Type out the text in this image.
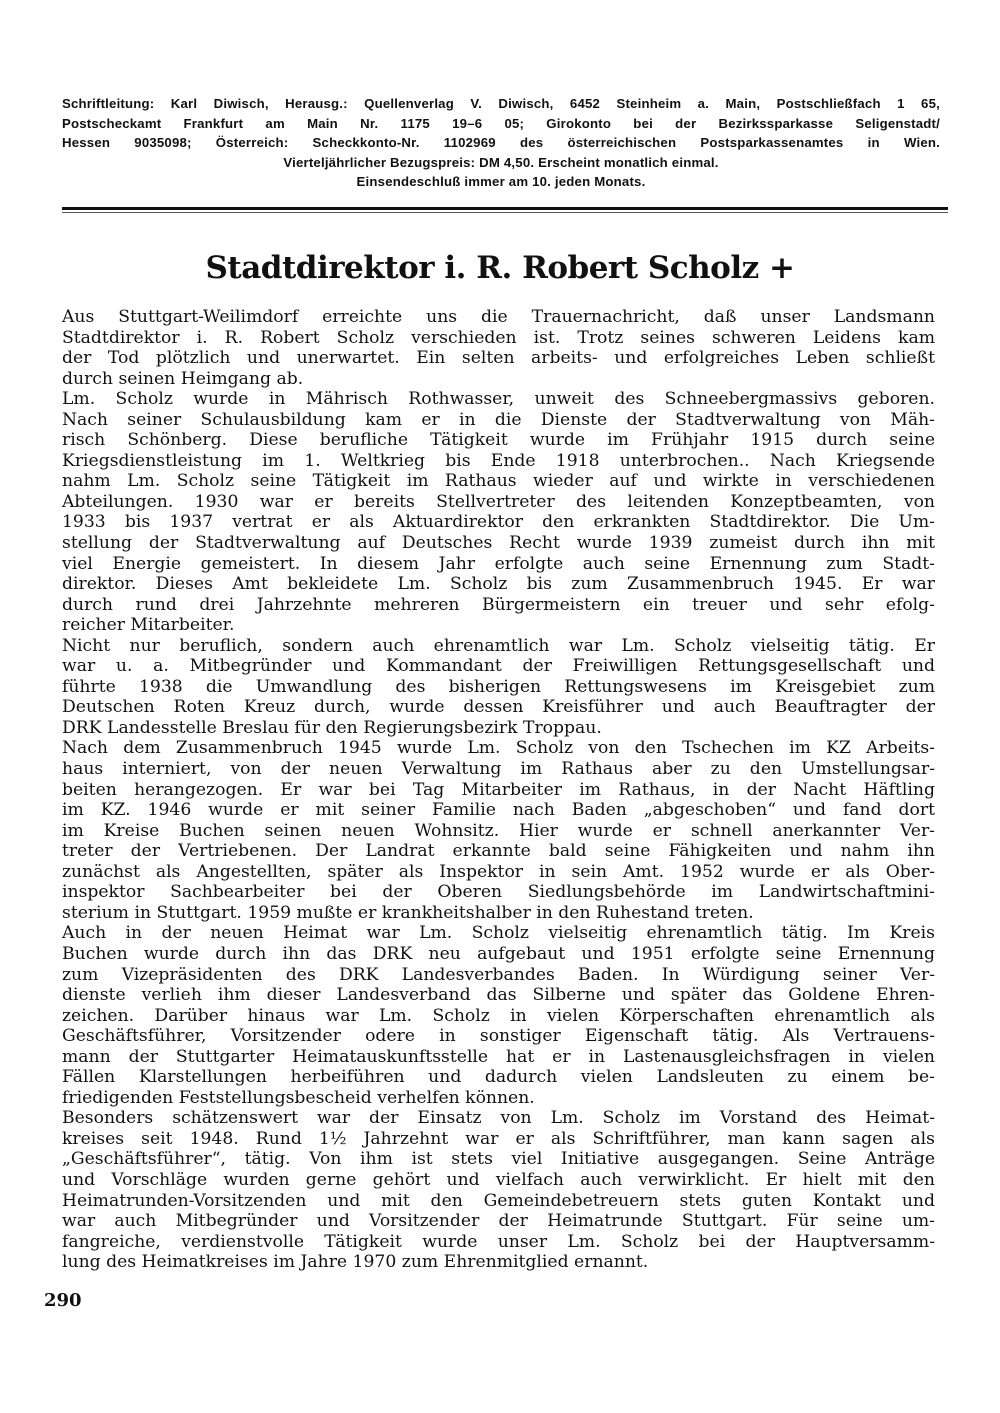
Schriftleitung: Karl Diwisch, Herausg.: Quellenverlag V. Diwisch, 6452 Steinheim a. Main, Postschließfach 1 65,
Postscheckamt Frankfurt am Main Nr. 1175 19–6 05; Girokonto bei der Bezirkssparkasse Seligenstadt/
Hessen 9035098; Österreich: Scheckkonto-Nr. 1102969 des österreichischen Postsparkassenamtes in Wien.
Vierteljährlicher Bezugspreis: DM 4,50. Erscheint monatlich einmal.
Einsendeschluß immer am 10. jeden Monats.
Stadtdirektor i. R. Robert Scholz +
Aus Stuttgart-Weilimdorf erreichte uns die Trauernachricht, daß unser Landsmann
Stadtdirektor i. R. Robert Scholz verschieden ist. Trotz seines schweren Leidens kam
der Tod plötzlich und unerwartet. Ein selten arbeits- und erfolgreiches Leben schließt
durch seinen Heimgang ab.
Lm. Scholz wurde in Mährisch Rothwasser, unweit des Schneebergmassivs geboren.
Nach seiner Schulausbildung kam er in die Dienste der Stadtverwaltung von Mäh-
risch Schönberg. Diese berufliche Tätigkeit wurde im Frühjahr 1915 durch seine
Kriegsdienstleistung im 1. Weltkrieg bis Ende 1918 unterbrochen.. Nach Kriegsende
nahm Lm. Scholz seine Tätigkeit im Rathaus wieder auf und wirkte in verschiedenen
Abteilungen. 1930 war er bereits Stellvertreter des leitenden Konzeptbeamten, von
1933 bis 1937 vertrat er als Aktuardirektor den erkrankten Stadtdirektor. Die Um-
stellung der Stadtverwaltung auf Deutsches Recht wurde 1939 zumeist durch ihn mit
viel Energie gemeistert. In diesem Jahr erfolgte auch seine Ernennung zum Stadt-
direktor. Dieses Amt bekleidete Lm. Scholz bis zum Zusammenbruch 1945. Er war
durch rund drei Jahrzehnte mehreren Bürgermeistern ein treuer und sehr efolg-
reicher Mitarbeiter.
Nicht nur beruflich, sondern auch ehrenamtlich war Lm. Scholz vielseitig tätig. Er
war u. a. Mitbegründer und Kommandant der Freiwilligen Rettungsgesellschaft und
führte 1938 die Umwandlung des bisherigen Rettungswesens im Kreisgebiet zum
Deutschen Roten Kreuz durch, wurde dessen Kreisführer und auch Beauftragter der
DRK Landesstelle Breslau für den Regierungsbezirk Troppau.
Nach dem Zusammenbruch 1945 wurde Lm. Scholz von den Tschechen im KZ Arbeits-
haus interniert, von der neuen Verwaltung im Rathaus aber zu den Umstellungsar-
beiten herangezogen. Er war bei Tag Mitarbeiter im Rathaus, in der Nacht Häftling
im KZ. 1946 wurde er mit seiner Familie nach Baden „abgeschoben“ und fand dort
im Kreise Buchen seinen neuen Wohnsitz. Hier wurde er schnell anerkannter Ver-
treter der Vertriebenen. Der Landrat erkannte bald seine Fähigkeiten und nahm ihn
zunächst als Angestellten, später als Inspektor in sein Amt. 1952 wurde er als Ober-
inspektor Sachbearbeiter bei der Oberen Siedlungsbehörde im Landwirtschaftmini-
sterium in Stuttgart. 1959 mußte er krankheitshalber in den Ruhestand treten.
Auch in der neuen Heimat war Lm. Scholz vielseitig ehrenamtlich tätig. Im Kreis
Buchen wurde durch ihn das DRK neu aufgebaut und 1951 erfolgte seine Ernennung
zum Vizepräsidenten des DRK Landesverbandes Baden. In Würdigung seiner Ver-
dienste verlieh ihm dieser Landesverband das Silberne und später das Goldene Ehren-
zeichen. Darüber hinaus war Lm. Scholz in vielen Körperschaften ehrenamtlich als
Geschäftsführer, Vorsitzender odere in sonstiger Eigenschaft tätig. Als Vertrauens-
mann der Stuttgarter Heimatauskunftsstelle hat er in Lastenausgleichsfragen in vielen
Fällen Klarstellungen herbeiführen und dadurch vielen Landsleuten zu einem be-
friedigenden Feststellungsbescheid verhelfen können.
Besonders schätzenswert war der Einsatz von Lm. Scholz im Vorstand des Heimat-
kreises seit 1948. Rund 1½ Jahrzehnt war er als Schriftführer, man kann sagen als
„Geschäftsführer“, tätig. Von ihm ist stets viel Initiative ausgegangen. Seine Anträge
und Vorschläge wurden gerne gehört und vielfach auch verwirklicht. Er hielt mit den
Heimatrunden-Vorsitzenden und mit den Gemeindebetreuern stets guten Kontakt und
war auch Mitbegründer und Vorsitzender der Heimatrunde Stuttgart. Für seine um-
fangreiche, verdienstvolle Tätigkeit wurde unser Lm. Scholz bei der Hauptversamm-
lung des Heimatkreises im Jahre 1970 zum Ehrenmitglied ernannt.
290
